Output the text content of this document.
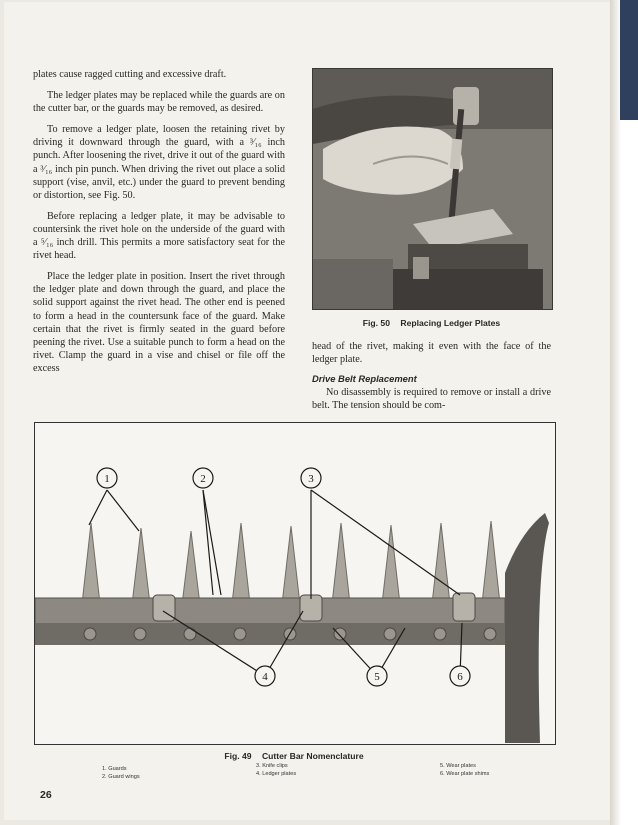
plates cause ragged cutting and excessive draft.

The ledger plates may be replaced while the guards are on the cutter bar, or the guards may be removed, as desired.

To remove a ledger plate, loosen the retaining rivet by driving it downward through the guard, with a ³⁄₁₆ inch punch. After loosening the rivet, drive it out of the guard with a ³⁄₁₆ inch pin punch. When driving the rivet out place a solid support (vise, anvil, etc.) under the guard to prevent bending or distortion, see Fig. 50.

Before replacing a ledger plate, it may be advisable to countersink the rivet hole on the underside of the guard with a ⁵⁄₁₆ inch drill. This permits a more satisfactory seat for the rivet head.

Place the ledger plate in position. Insert the rivet through the ledger plate and down through the guard, and place the solid support against the rivet head. The other end is peened to form a head in the countersunk face of the guard. Make certain that the rivet is firmly seated in the guard before peening the rivet. Use a suitable punch to form a head on the rivet. Clamp the guard in a vise and chisel or file off the excess

Fig. 50 Replacing Ledger Plates

head of the rivet, making it even with the face of the ledger plate.

Drive Belt Replacement

No disassembly is required to remove or install a drive belt. The tension should be com-

1	2	3
4	5	6
Fig. 49 Cutter Bar Nomenclature
1. Guards
2. Guard wings
3. Knife clips
4. Ledger plates
5. Wear plates
6. Wear plate shims
26
